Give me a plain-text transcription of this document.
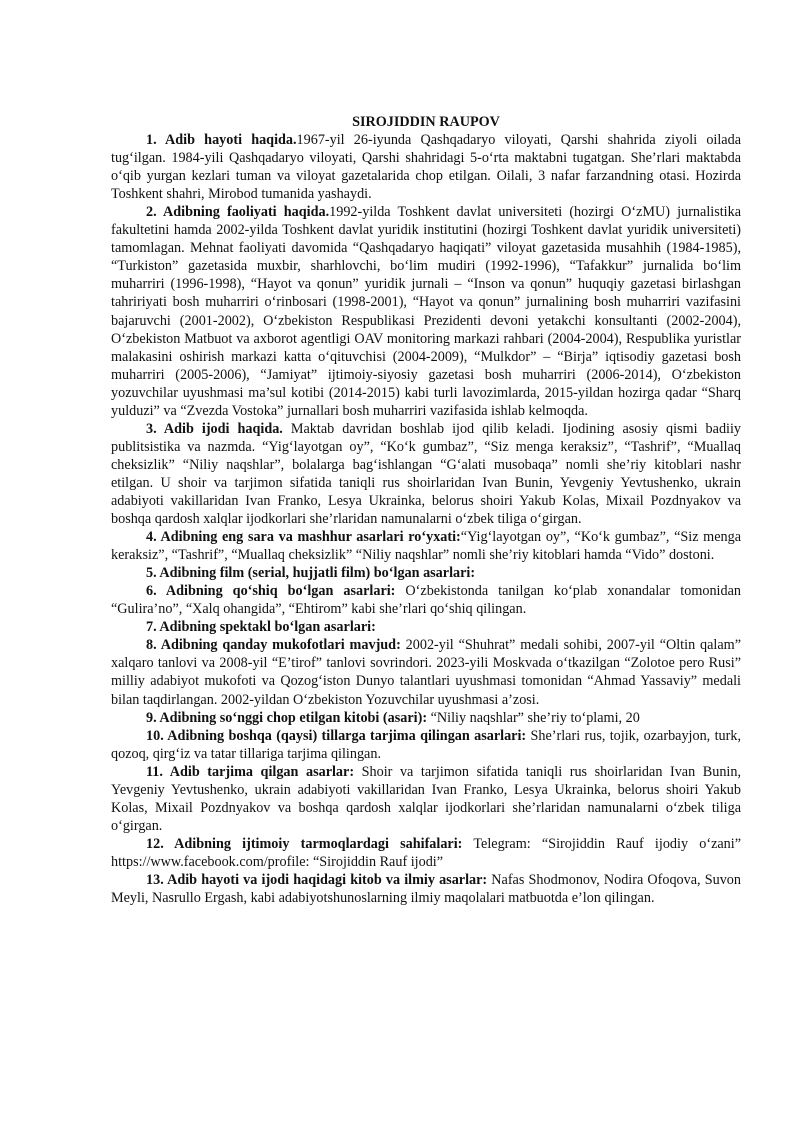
SIROJIDDIN RAUPOV

1. Adib hayoti haqida.1967-yil 26-iyunda Qashqadaryo viloyati, Qarshi shahrida ziyoli oilada tug‘ilgan. 1984-yili Qashqadaryo viloyati, Qarshi shahridagi 5-o‘rta maktabni tugatgan. She’rlari maktabda o‘qib yurgan kezlari tuman va viloyat gazetalarida chop etilgan. Oilali, 3 nafar farzandning otasi. Hozirda Toshkent shahri, Mirobod tumanida yashaydi.

2. Adibning faoliyati haqida.1992-yilda Toshkent davlat universiteti (hozirgi O‘zMU) jurnalistika fakultetini hamda 2002-yilda Toshkent davlat yuridik institutini (hozirgi Toshkent davlat yuridik universiteti) tamomlagan. Mehnat faoliyati davomida “Qashqadaryo haqiqati” viloyat gazetasida musahhih (1984-1985), “Turkiston” gazetasida muxbir, sharhlovchi, bo‘lim mudiri (1992-1996), “Tafakkur” jurnalida bo‘lim muharriri (1996-1998), “Hayot va qonun” yuridik jurnali – “Inson va qonun” huquqiy gazetasi birlashgan tahririyati bosh muharriri o‘rinbosari (1998-2001), “Hayot va qonun” jurnalining bosh muharriri vazifasini bajaruvchi (2001-2002), O‘zbekiston Respublikasi Prezidenti devoni yetakchi konsultanti (2002-2004), O‘zbekiston Matbuot va axborot agentligi OAV monitoring markazi rahbari (2004-2004), Respublika yuristlar malakasini oshirish markazi katta o‘qituvchisi (2004-2009), “Mulkdor” – “Birja” iqtisodiy gazetasi bosh muharriri (2005-2006), “Jamiyat” ijtimoiy-siyosiy gazetasi bosh muharriri (2006-2014), O‘zbekiston yozuvchilar uyushmasi ma’sul kotibi (2014-2015) kabi turli lavozimlarda, 2015-yildan hozirga qadar “Sharq yulduzi” va “Zvezda Vostoka” jurnallari bosh muharriri vazifasida ishlab kelmoqda.

3. Adib ijodi haqida. Maktab davridan boshlab ijod qilib keladi. Ijodining asosiy qismi badiiy publitsistika va nazmda. “Yig‘layotgan oy”, “Ko‘k gumbaz”, “Siz menga keraksiz”, “Tashrif”, “Muallaq cheksizlik” “Niliy naqshlar”, bolalarga bag‘ishlangan “G‘alati musobaqa” nomli she’riy kitoblari nashr etilgan. U shoir va tarjimon sifatida taniqli rus shoirlaridan Ivan Bunin, Yevgeniy Yevtushenko, ukrain adabiyoti vakillaridan Ivan Franko, Lesya Ukrainka, belorus shoiri Yakub Kolas, Mixail Pozdnyakov va boshqa qardosh xalqlar ijodkorlari she’rlaridan namunalarni o‘zbek tiliga o‘girgan.

4. Adibning eng sara va mashhur asarlari ro‘yxati:“Yig‘layotgan oy”, “Ko‘k gumbaz”, “Siz menga keraksiz”, “Tashrif”, “Muallaq cheksizlik” “Niliy naqshlar” nomli she’riy kitoblari hamda “Vido” dostoni.

5. Adibning film (serial, hujjatli film) bo‘lgan asarlari:

6. Adibning qo‘shiq bo‘lgan asarlari: O‘zbekistonda tanilgan ko‘plab xonandalar tomonidan “Gulira’no”, “Xalq ohangida”, “Ehtirom” kabi she’rlari qo‘shiq qilingan.

7. Adibning spektakl bo‘lgan asarlari:

8. Adibning qanday mukofotlari mavjud: 2002-yil “Shuhrat” medali sohibi, 2007-yil “Oltin qalam” xalqaro tanlovi va 2008-yil “E’tirof” tanlovi sovrindori. 2023-yili Moskvada o‘tkazilgan “Zolotoe pero Rusi” milliy adabiyot mukofoti va Qozog‘iston Dunyo talantlari uyushmasi tomonidan “Ahmad Yassaviy” medali bilan taqdirlangan. 2002-yildan O‘zbekiston Yozuvchilar uyushmasi a’zosi.

9. Adibning so‘nggi chop etilgan kitobi (asari): “Niliy naqshlar” she’riy to‘plami, 20

10. Adibning boshqa (qaysi) tillarga tarjima qilingan asarlari: She’rlari rus, tojik, ozarbayjon, turk, qozoq, qirg‘iz va tatar tillariga tarjima qilingan.

11. Adib tarjima qilgan asarlar: Shoir va tarjimon sifatida taniqli rus shoirlaridan Ivan Bunin, Yevgeniy Yevtushenko, ukrain adabiyoti vakillaridan Ivan Franko, Lesya Ukrainka, belorus shoiri Yakub Kolas, Mixail Pozdnyakov va boshqa qardosh xalqlar ijodkorlari she’rlaridan namunalarni o‘zbek tiliga o‘girgan.

12. Adibning ijtimoiy tarmoqlardagi sahifalari: Telegram: “Sirojiddin Rauf ijodiy o‘zani” https://www.facebook.com/profile: “Sirojiddin Rauf ijodi”

13. Adib hayoti va ijodi haqidagi kitob va ilmiy asarlar: Nafas Shodmonov, Nodira Ofoqova, Suvon Meyli, Nasrullo Ergash, kabi adabiyotshunoslarning ilmiy maqolalari matbuotda e’lon qilingan.
